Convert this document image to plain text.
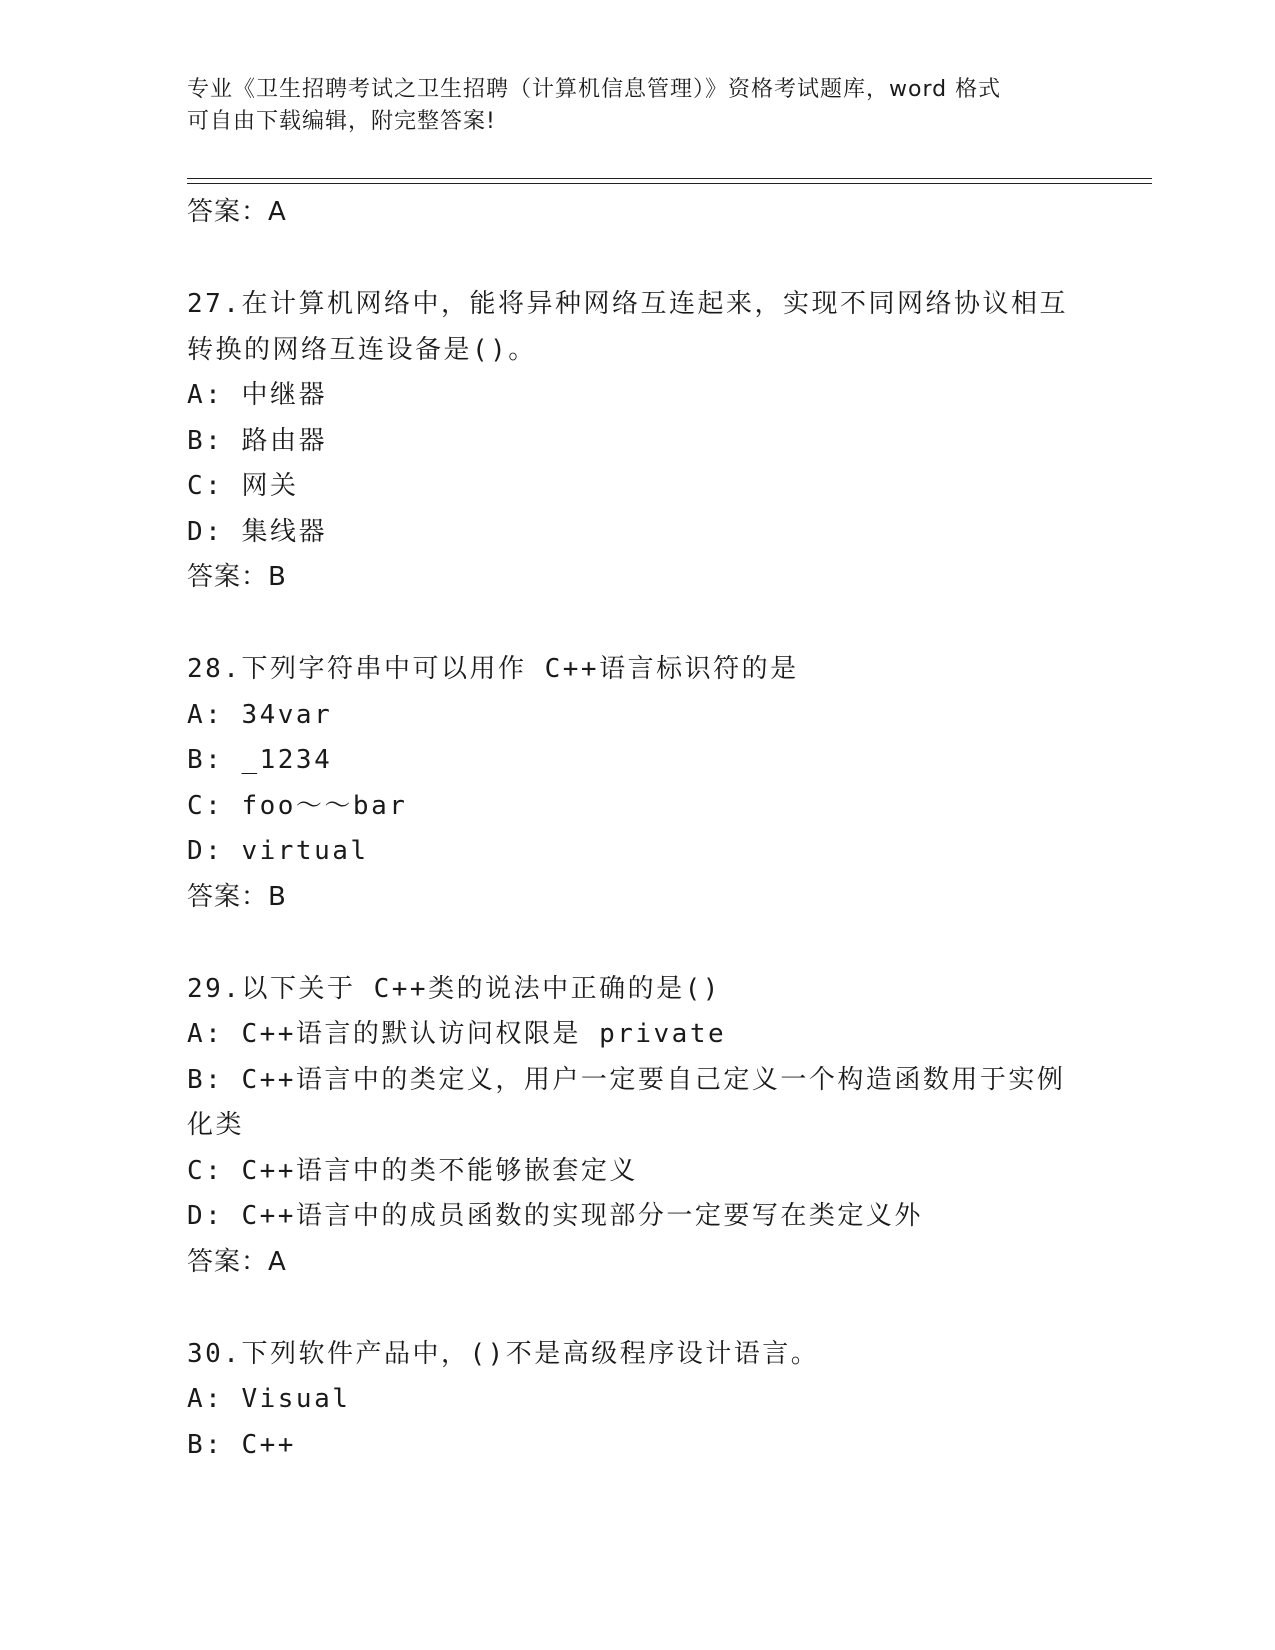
专业《卫生招聘考试之卫生招聘（计算机信息管理）》资格考试题库，word 格式
可自由下载编辑，附完整答案!
答案：A
27.在计算机网络中，能将异种网络互连起来，实现不同网络协议相互
转换的网络互连设备是()。
A: 中继器
B: 路由器
C: 网关
D: 集线器
答案：B
28.下列字符串中可以用作 C++语言标识符的是
A: 34var
B: _1234
C: foo～～bar
D: virtual
答案：B
29.以下关于 C++类的说法中正确的是()
A: C++语言的默认访问权限是 private
B: C++语言中的类定义，用户一定要自己定义一个构造函数用于实例
化类
C: C++语言中的类不能够嵌套定义
D: C++语言中的成员函数的实现部分一定要写在类定义外
答案：A
30.下列软件产品中，()不是高级程序设计语言。
A: Visual
B: C++
